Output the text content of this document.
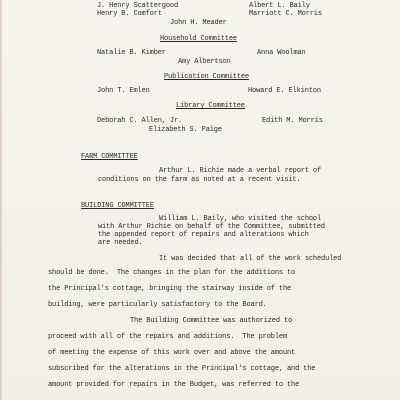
J. Henry Scattergood

	Albert L. Baily

Henry B. Comfort

	Marriott C. Morris

John H. Meader

Household Committee

Natalie B. Kimber

	Anna Woolman

Amy Albertson

Publication Committee

John T. Emlen

	Howard E. Elkinton

Library Committee

Deborah C. Allen, Jr.

	Edith M. Morris

Elizabeth S. Paige

FARM COMMITTEE

Arthur L. Richie made a verbal report of

conditions on the farm as noted at a recent visit.

BUILDING COMMITTEE

William L. Baily, who visited the school

with Arthur Richie on behalf of the Committee, submitted

the appended report of repairs and alterations which

are needed.

It was decided that all of the work scheduled

should be done.  The changes in the plan for the additions to

the Principal's cottage, bringing the stairway inside of the

building, were particularly satisfactory to the Board.

The Building Committee was authorized to

proceed with all of the repairs and additions.  The problem

of meeting the expense of this work over and above the amount

subscribed for the alterations in the Principal's cottage, and the

amount provided for repairs in the Budget, was referred to the
